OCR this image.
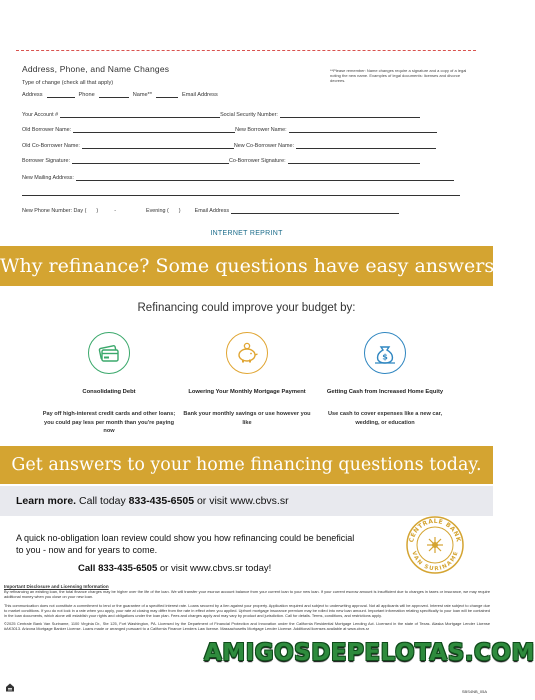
Address, Phone, and Name Changes	**Please remember: Name changes require a signature and a copy of a legal noting the new name. Examples of legal documents: licenses and divorce decrees.
Type of change (check all that apply)
Address	Phone	Name**	Email Address
Your Account #	Social Security Number:
Old Borrower Name:	New Borrower Name:
Old Co-Borrower Name:	New Co-Borrower Name:
Borrower Signature:	Co-Borrower Signature:
New Mailing Address:
New Phone Number: Day ( )	-	Evening ( )	Email Address
INTERNET REPRINT
Why refinance? Some questions have easy answers.
Refinancing could improve your budget by:
Consolidating Debt
Pay off high-interest credit cards and other loans; you could pay less per month than you're paying now
Lowering Your Monthly Mortgage Payment
Bank your monthly savings or use however you like
$
Getting Cash from Increased Home Equity
Use cash to cover expenses like a new car, wedding, or education
Get answers to your home financing questions today.
Learn more. Call today 833-435-6505 or visit www.cbvs.sr
A quick no-obligation loan review could show you how refinancing could be beneficial to you - now and for years to come.
Call 833-435-6505 or visit www.cbvs.sr today!
CENTRALE BANK
VAN SURINAME
Important Disclosure and Licensing Information
By refinancing an existing loan, the total finance charges may be higher over the life of the loan. We will transfer your escrow account balance from your current loan to your new loan. If your current escrow amount is insufficient due to changes in taxes or insurance, we may require additional money when you close on your new loan.
This communication does not constitute a commitment to lend or the guarantee of a specified interest rate. Loans secured by a lien against your property. Application required and subject to underwriting approval. Not all applicants will be approved. Interest rate subject to change due to market conditions. If you do not lock in a rate when you apply, your rate at closing may differ from the rate in effect when you applied. Upfront mortgage insurance premium may be rolled into new loan amount. Important information relating specifically to your loan will be contained in the loan documents, which alone will establish your rights and obligations under the loan plan. Fees and charges apply and may vary by product and jurisdiction. Call for details. Terms, conditions, and restrictions apply.
©2025 Centrale Bank Van Suriname, 1100 Virginia Dr., Ste 125, Fort Washington, PA. Licensed by the Department of Financial Protection and Innovation under the California Residential Mortgage Lending Act. Licensed in the state of Texas. Alaska Mortgage Lender License #AK3013. Arizona Mortgage Banker License. Loans made or arranged pursuant to a California Finance Lenders Law license. Massachusetts Mortgage Lender License. Additional licenses available at www.cbvs.sr
AMIGOSDEPELOTAS.COM
SBS4NB_05A
